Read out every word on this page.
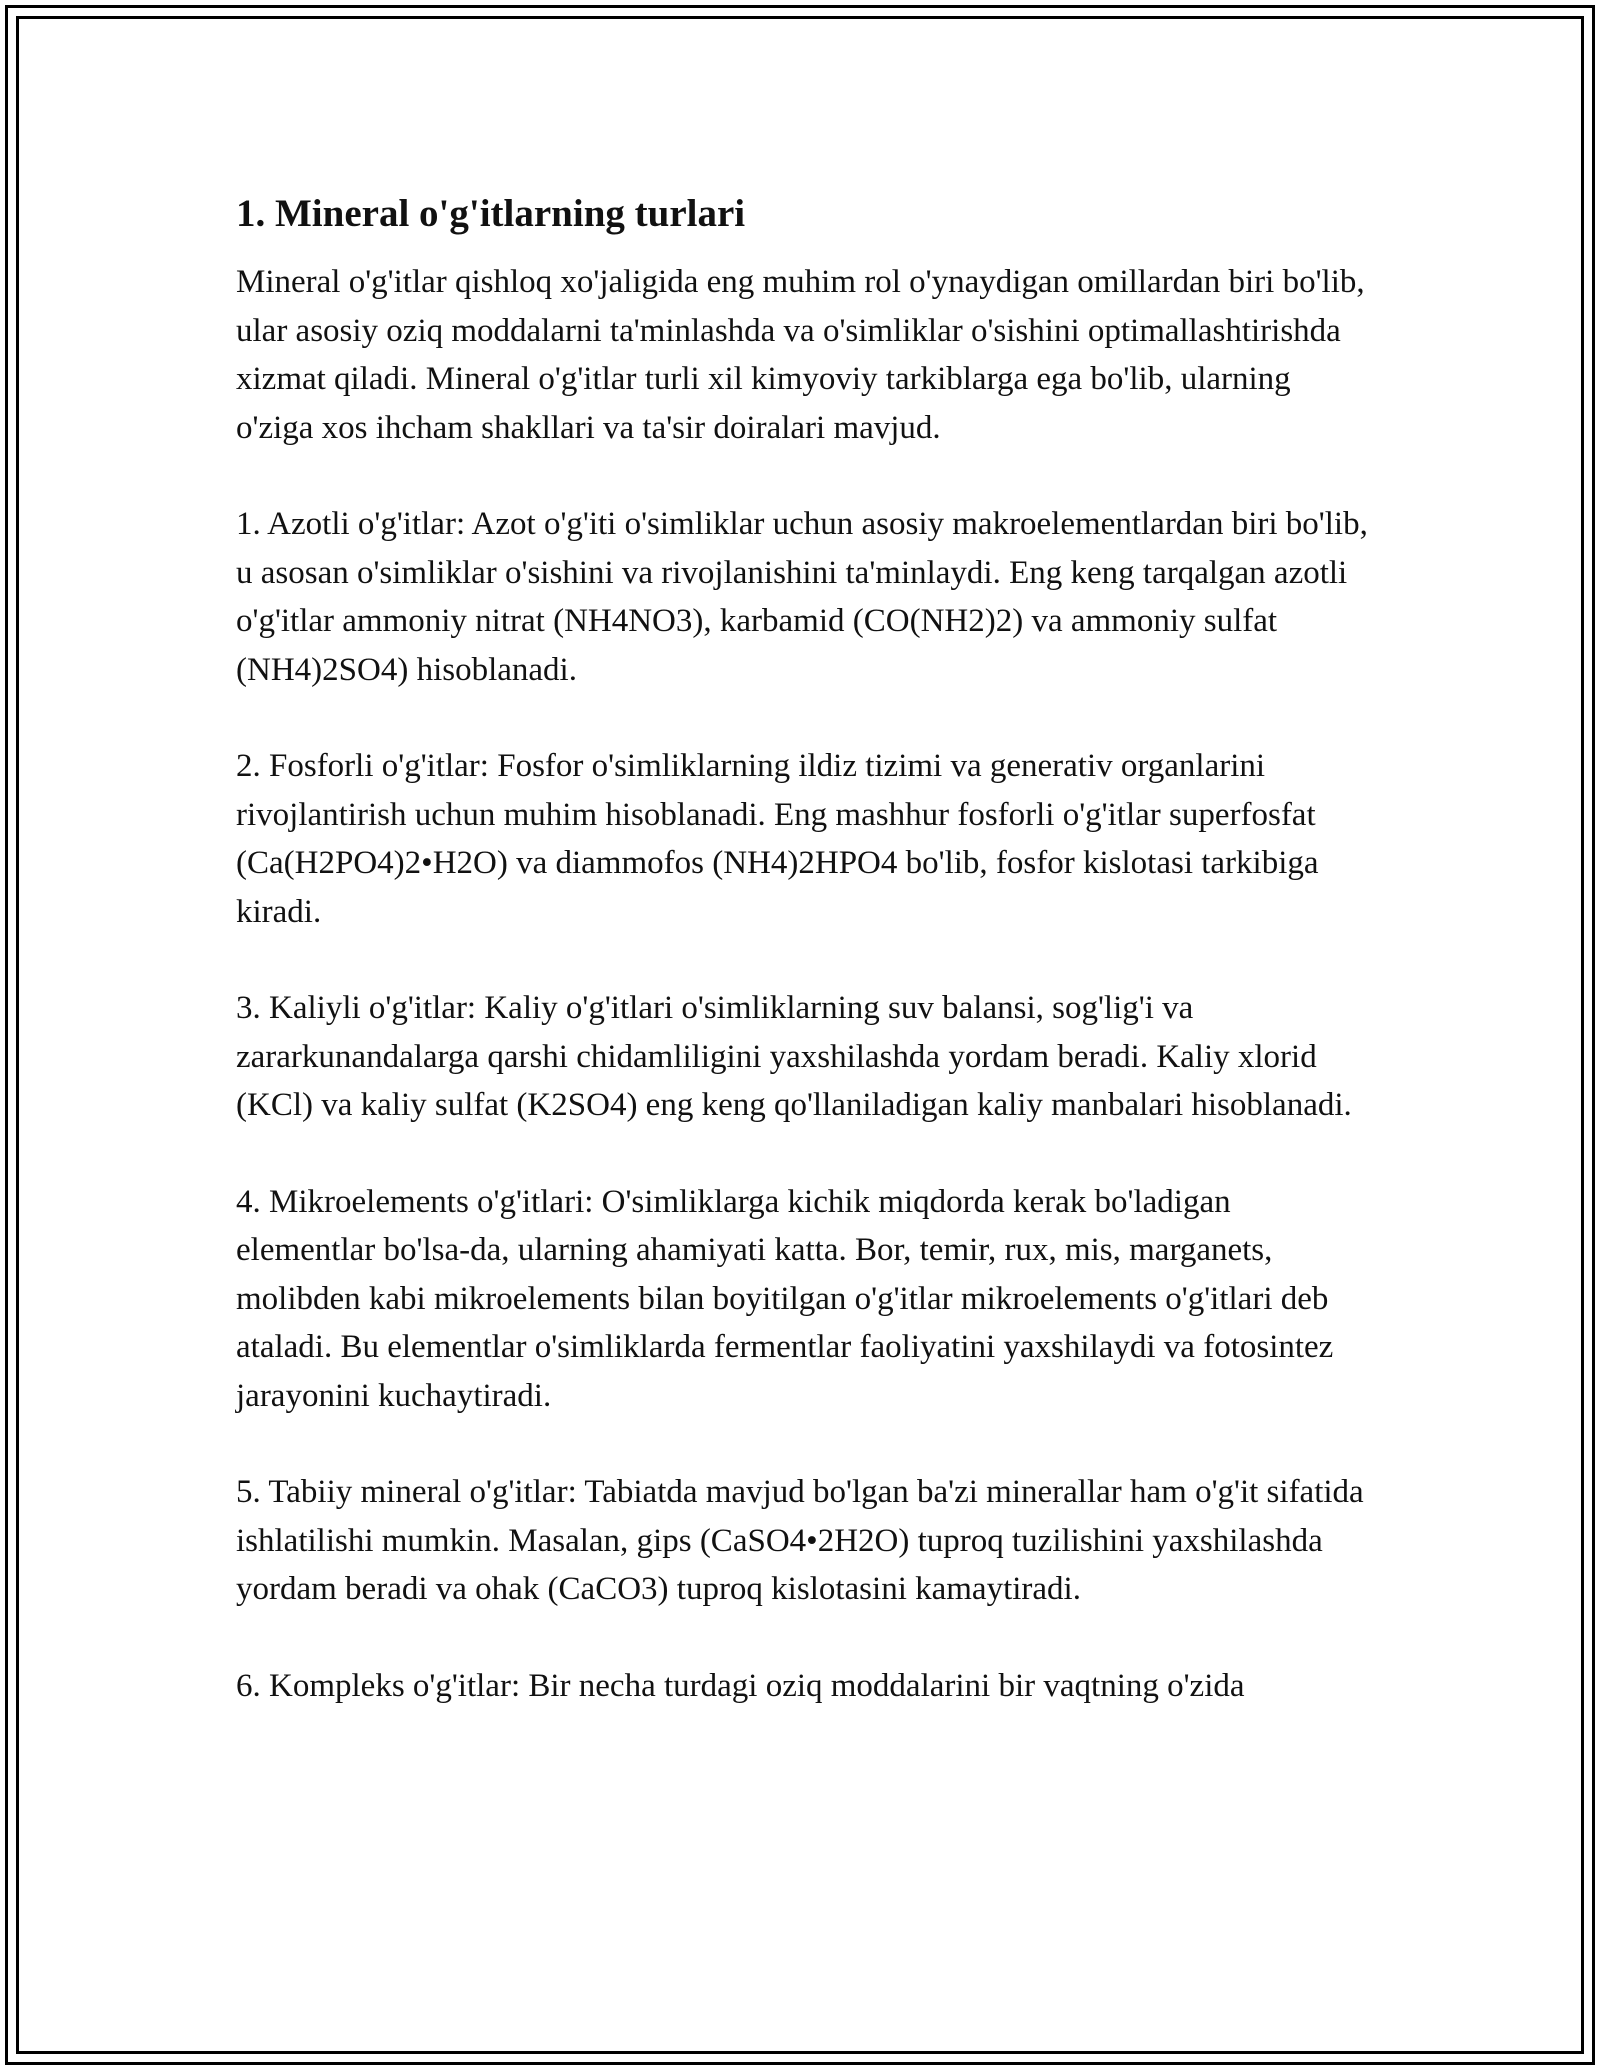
1. Mineral o'g'itlarning turlari

Mineral o'g'itlar qishloq xo'jaligida eng muhim rol o'ynaydigan omillardan biri bo'lib, ular asosiy oziq moddalarni ta'minlashda va o'simliklar o'sishini optimallashtirishda xizmat qiladi. Mineral o'g'itlar turli xil kimyoviy tarkiblarga ega bo'lib, ularning o'ziga xos ihcham shakllari va ta'sir doiralari mavjud.

1. Azotli o'g'itlar: Azot o'g'iti o'simliklar uchun asosiy makroelementlardan biri bo'lib, u asosan o'simliklar o'sishini va rivojlanishini ta'minlaydi. Eng keng tarqalgan azotli o'g'itlar ammoniy nitrat (NH4NO3), karbamid (CO(NH2)2) va ammoniy sulfat (NH4)2SO4) hisoblanadi.

2. Fosforli o'g'itlar: Fosfor o'simliklarning ildiz tizimi va generativ organlarini rivojlantirish uchun muhim hisoblanadi. Eng mashhur fosforli o'g'itlar superfosfat (Ca(H2PO4)2•H2O) va diammofos (NH4)2HPO4 bo'lib, fosfor kislotasi tarkibiga kiradi.

3. Kaliyli o'g'itlar: Kaliy o'g'itlari o'simliklarning suv balansi, sog'lig'i va zararkunandalarga qarshi chidamliligini yaxshilashda yordam beradi. Kaliy xlorid (KCl) va kaliy sulfat (K2SO4) eng keng qo'llaniladigan kaliy manbalari hisoblanadi.

4. Mikroelements o'g'itlari: O'simliklarga kichik miqdorda kerak bo'ladigan elementlar bo'lsa-da, ularning ahamiyati katta. Bor, temir, rux, mis, marganets, molibden kabi mikroelements bilan boyitilgan o'g'itlar mikroelements o'g'itlari deb ataladi. Bu elementlar o'simliklarda fermentlar faoliyatini yaxshilaydi va fotosintez jarayonini kuchaytiradi.

5. Tabiiy mineral o'g'itlar: Tabiatda mavjud bo'lgan ba'zi minerallar ham o'g'it sifatida ishlatilishi mumkin. Masalan, gips (CaSO4•2H2O) tuproq tuzilishini yaxshilashda yordam beradi va ohak (CaCO3) tuproq kislotasini kamaytiradi.

6. Kompleks o'g'itlar: Bir necha turdagi oziq moddalarini bir vaqtning o'zida
